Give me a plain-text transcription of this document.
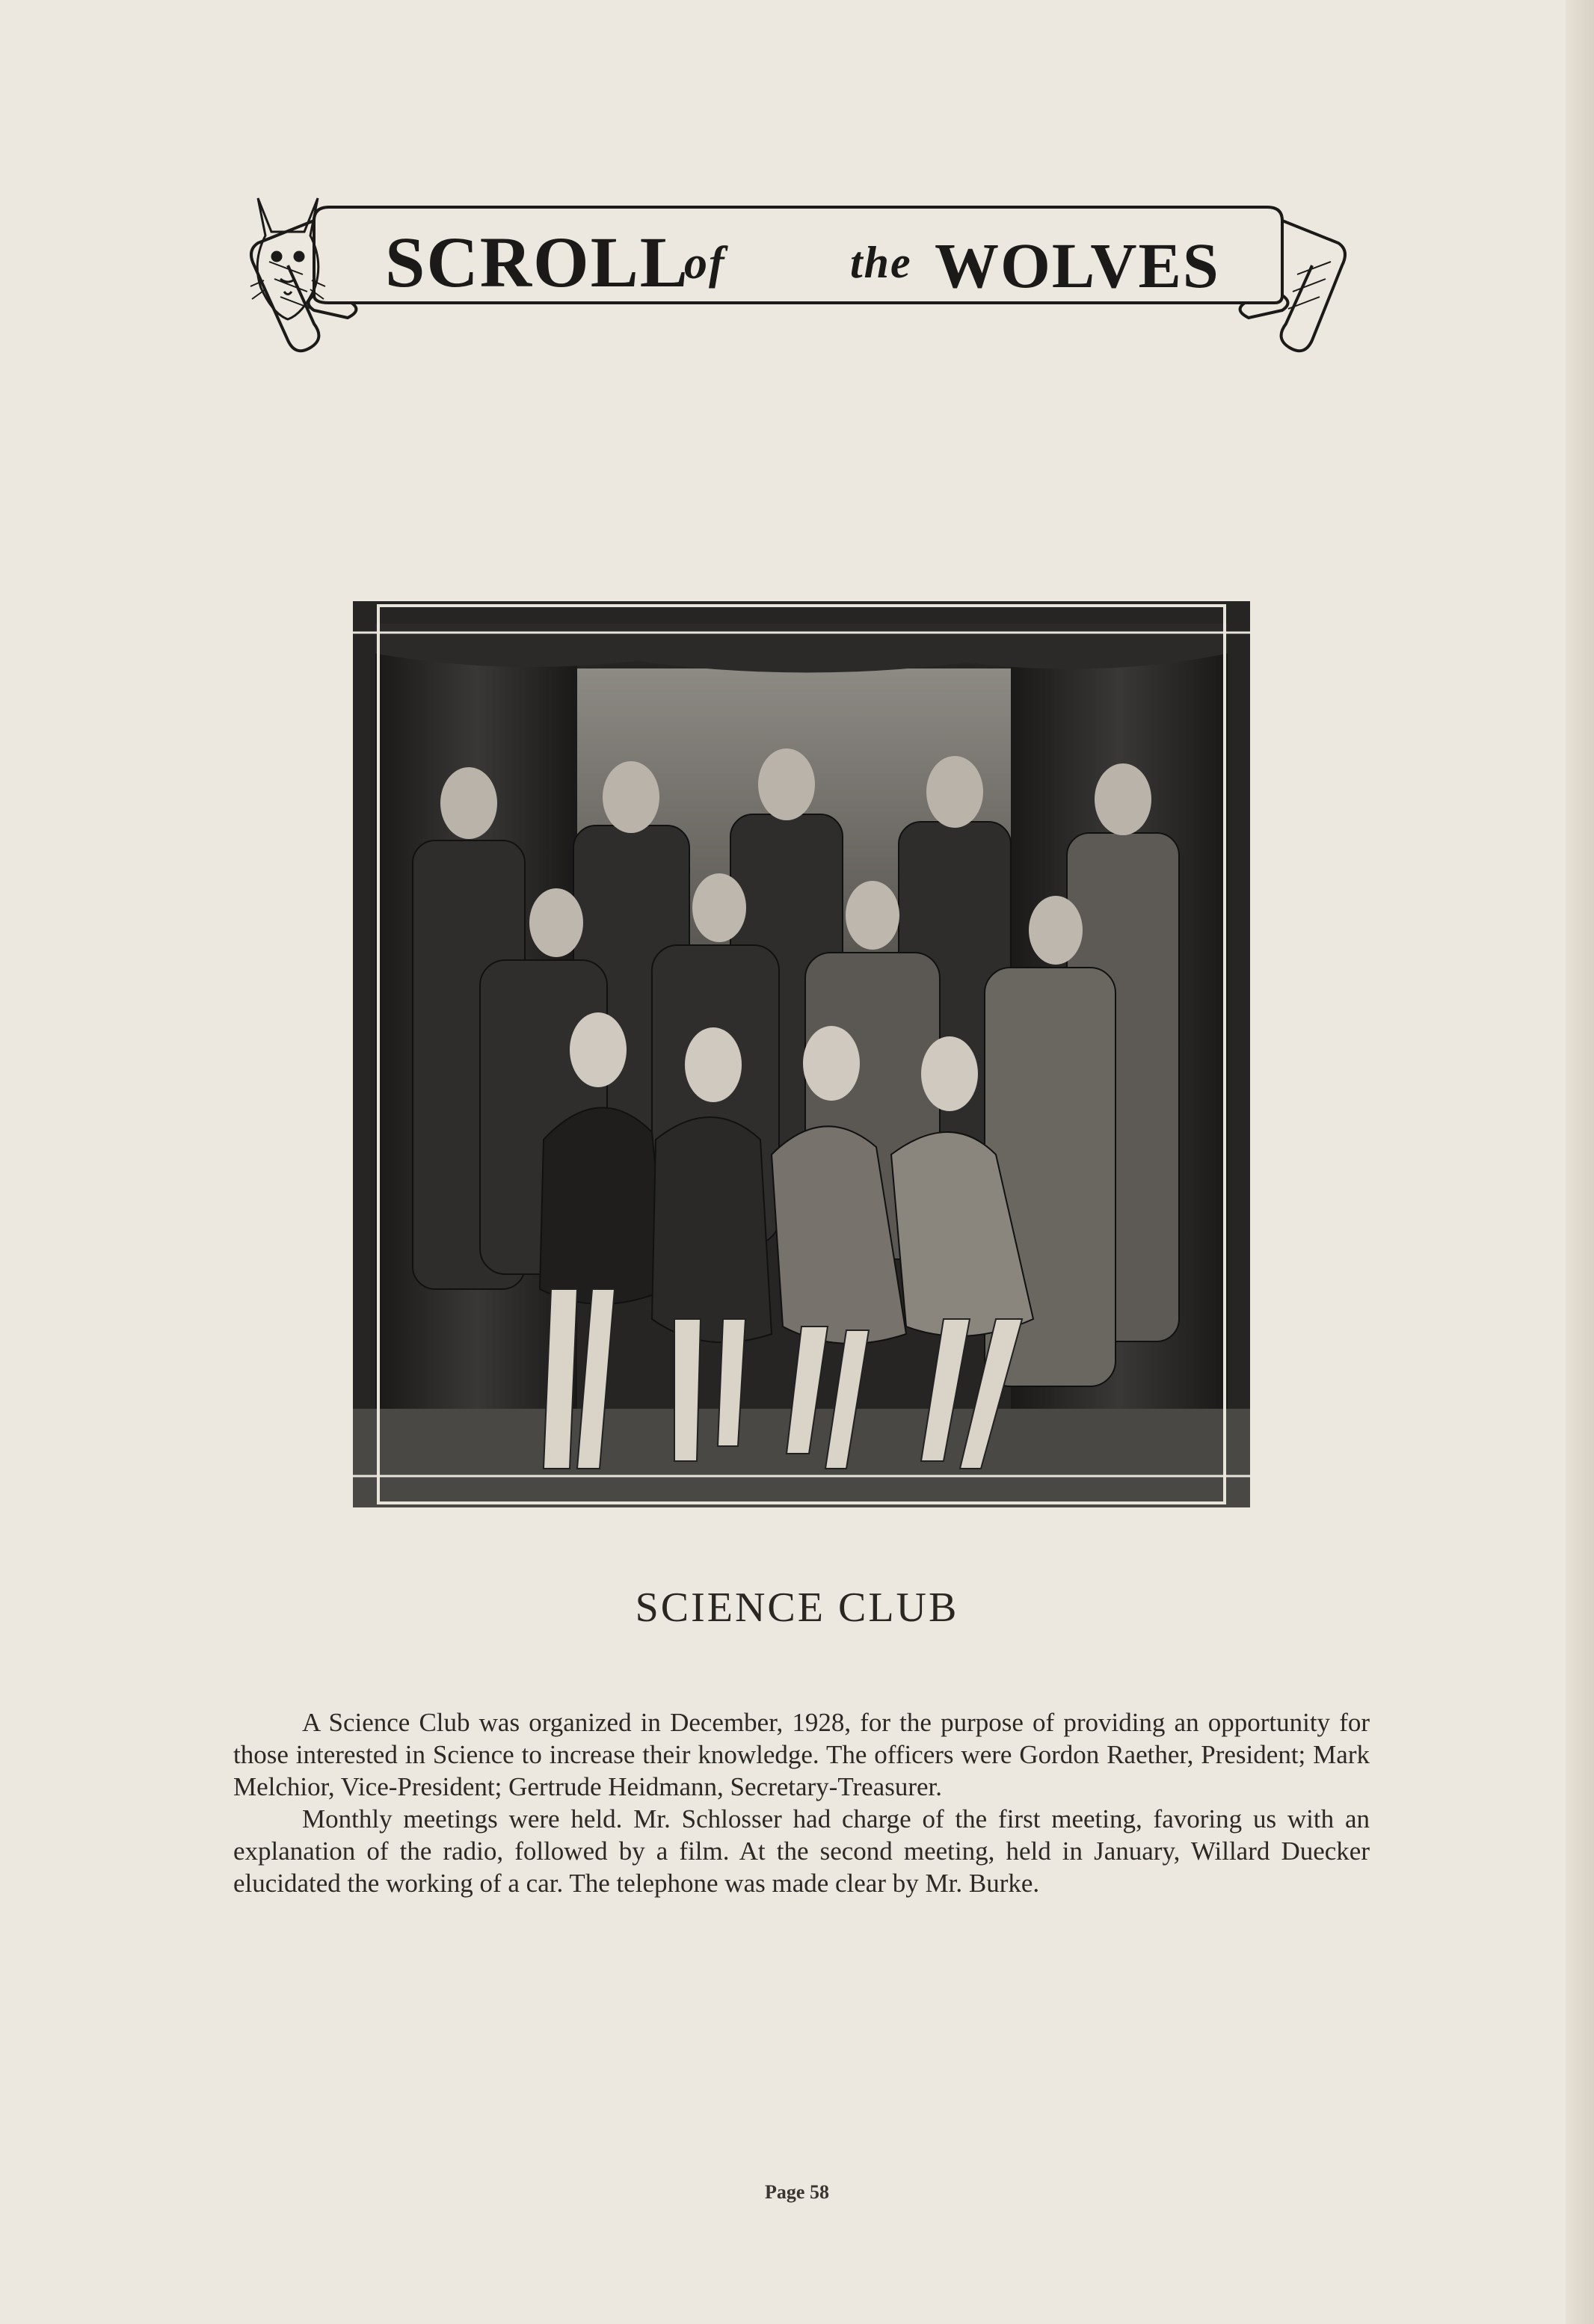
SCROLL
of	the WOLVES
SCIENCE CLUB

A Science Club was organized in December, 1928, for the purpose of providing an opportunity for those interested in Science to increase their knowledge. The officers were Gordon Raether, President; Mark Melchior, Vice-President; Gertrude Heidmann, Secretary-Treasurer.

Monthly meetings were held. Mr. Schlosser had charge of the first meeting, favoring us with an explanation of the radio, followed by a film. At the second meeting, held in January, Willard Duecker elucidated the working of a car. The telephone was made clear by Mr. Burke.

Page 58
